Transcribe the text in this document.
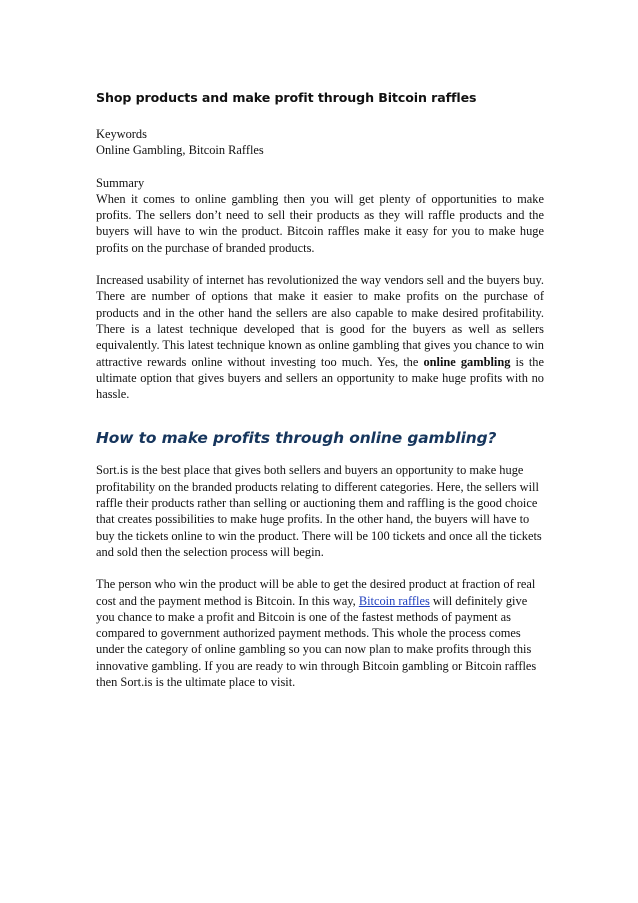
Shop products and make profit through Bitcoin raffles

Keywords

Online Gambling, Bitcoin Raffles

Summary

When it comes to online gambling then you will get plenty of opportunities to make profits. The sellers don’t need to sell their products as they will raffle products and the buyers will have to win the product. Bitcoin raffles make it easy for you to make huge profits on the purchase of branded products.

Increased usability of internet has revolutionized the way vendors sell and the buyers buy. There are number of options that make it easier to make profits on the purchase of products and in the other hand the sellers are also capable to make desired profitability. There is a latest technique developed that is good for the buyers as well as sellers equivalently. This latest technique known as online gambling that gives you chance to win attractive rewards online without investing too much. Yes, the online gambling is the ultimate option that gives buyers and sellers an opportunity to make huge profits with no hassle.

How to make profits through online gambling?

Sort.is is the best place that gives both sellers and buyers an opportunity to make huge profitability on the branded products relating to different categories. Here, the sellers will raffle their products rather than selling or auctioning them and raffling is the good choice that creates possibilities to make huge profits. In the other hand, the buyers will have to buy the tickets online to win the product. There will be 100 tickets and once all the tickets and sold then the selection process will begin.

The person who win the product will be able to get the desired product at fraction of real cost and the payment method is Bitcoin. In this way, Bitcoin raffles will definitely give you chance to make a profit and Bitcoin is one of the fastest methods of payment as compared to government authorized payment methods. This whole the process comes under the category of online gambling so you can now plan to make profits through this innovative gambling. If you are ready to win through Bitcoin gambling or Bitcoin raffles then Sort.is is the ultimate place to visit.
